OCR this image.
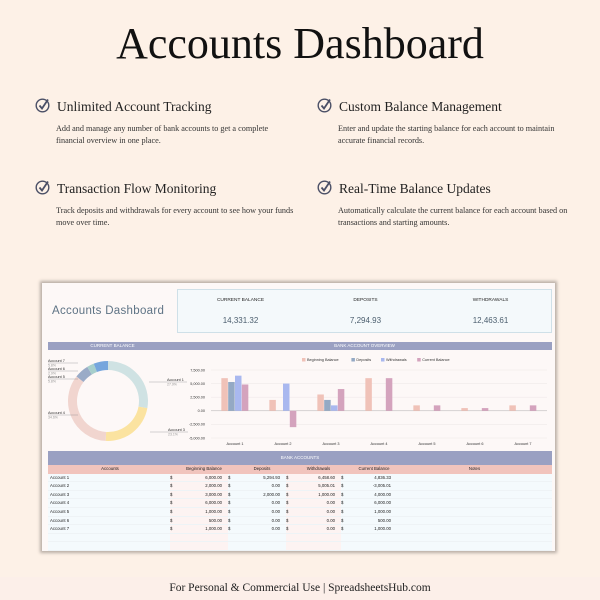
Accounts Dashboard
Unlimited Account Tracking

Add and manage any number of bank accounts to get a complete financial overview in one place.

Custom Balance Management

Enter and update the starting balance for each account to maintain accurate financial records.

Transaction Flow Monitoring

Track deposits and withdrawals for every account to see how your funds move over time.

Real-Time Balance Updates

Automatically calculate the current balance for each account based on transactions and starting amounts.

Accounts Dashboard
CURRENT BALANCE
14,331.32
DEPOSITS
7,294.93
WITHDRAWALS
12,463.61
CURRENT BALANCE	BANK ACCOUNT OVERVIEW
Account 1
27.9%
Account 3
23.1%
Account 4
34.6%
Account 5
5.8%
Account 6
2.9%
Account 7
5.8%
7,500.00
5,000.00
2,500.00
0.00
-2,500.00
-5,000.00
Account 1	Account 2	Account 3	Account 4	Account 5	Account 6	Account 7
Beginning Balance	Deposits	Withdrawals	Current Balance
BANK ACCOUNTS
Accounts	Beginning Balance	Deposits	Withdrawals	Current Balance	Notes
Account 1	$	6,000.00	$	5,294.93	$	6,458.60	$	4,836.33
Account 2	$	2,000.00	$	0.00	$	5,005.01	$	-3,005.01
Account 3	$	3,000.00	$	2,000.00	$	1,000.00	$	4,000.00
Account 4	$	6,000.00	$	0.00	$	0.00	$	6,000.00
Account 5	$	1,000.00	$	0.00	$	0.00	$	1,000.00
Account 6	$	500.00	$	0.00	$	0.00	$	500.00
Account 7	$	1,000.00	$	0.00	$	0.00	$	1,000.00
For Personal & Commercial Use | SpreadsheetsHub.com
